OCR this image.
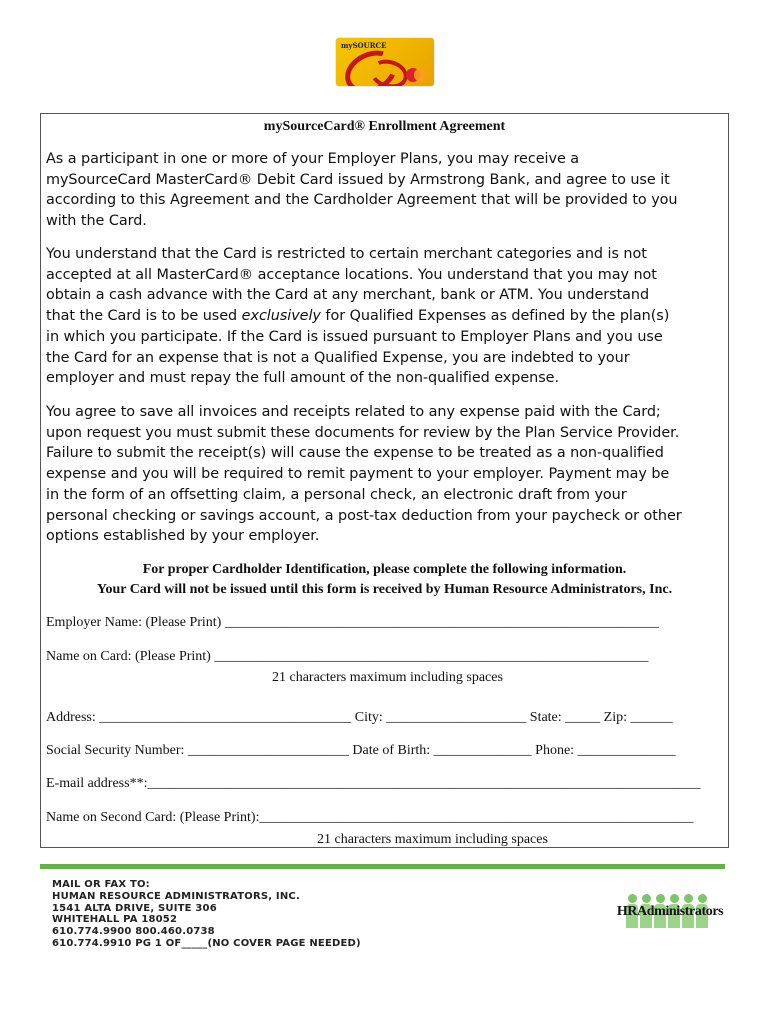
mySOURCE
mySourceCard® Enrollment Agreement
As a participant in one or more of your Employer Plans, you may receive a
mySourceCard MasterCard® Debit Card issued by Armstrong Bank, and agree to use it
according to this Agreement and the Cardholder Agreement that will be provided to you
with the Card.
You understand that the Card is restricted to certain merchant categories and is not
accepted at all MasterCard® acceptance locations. You understand that you may not
obtain a cash advance with the Card at any merchant, bank or ATM. You understand
that the Card is to be used exclusively for Qualified Expenses as defined by the plan(s)
in which you participate. If the Card is issued pursuant to Employer Plans and you use
the Card for an expense that is not a Qualified Expense, you are indebted to your
employer and must repay the full amount of the non-qualified expense.
You agree to save all invoices and receipts related to any expense paid with the Card;
upon request you must submit these documents for review by the Plan Service Provider.
Failure to submit the receipt(s) will cause the expense to be treated as a non-qualified
expense and you will be required to remit payment to your employer. Payment may be
in the form of an offsetting claim, a personal check, an electronic draft from your
personal checking or savings account, a post-tax deduction from your paycheck or other
options established by your employer.
For proper Cardholder Identification, please complete the following information.
Your Card will not be issued until this form is received by Human Resource Administrators, Inc.
Employer Name: (Please Print) ______________________________________________________________
Name on Card: (Please Print) ______________________________________________________________
21 characters maximum including spaces
Address: ____________________________________ City: ____________________ State: _____ Zip: ______
Social Security Number: _______________________ Date of Birth: ______________ Phone: ______________
E-mail address**:_______________________________________________________________________________
Name on Second Card: (Please Print):______________________________________________________________
21 characters maximum including spaces
MAIL OR FAX TO:
HUMAN RESOURCE ADMINISTRATORS, INC.
1541 ALTA DRIVE, SUITE 306
WHITEHALL PA 18052
610.774.9900 800.460.0738
610.774.9910 PG 1 OF_____(NO COVER PAGE NEEDED)
HRAdministrators
